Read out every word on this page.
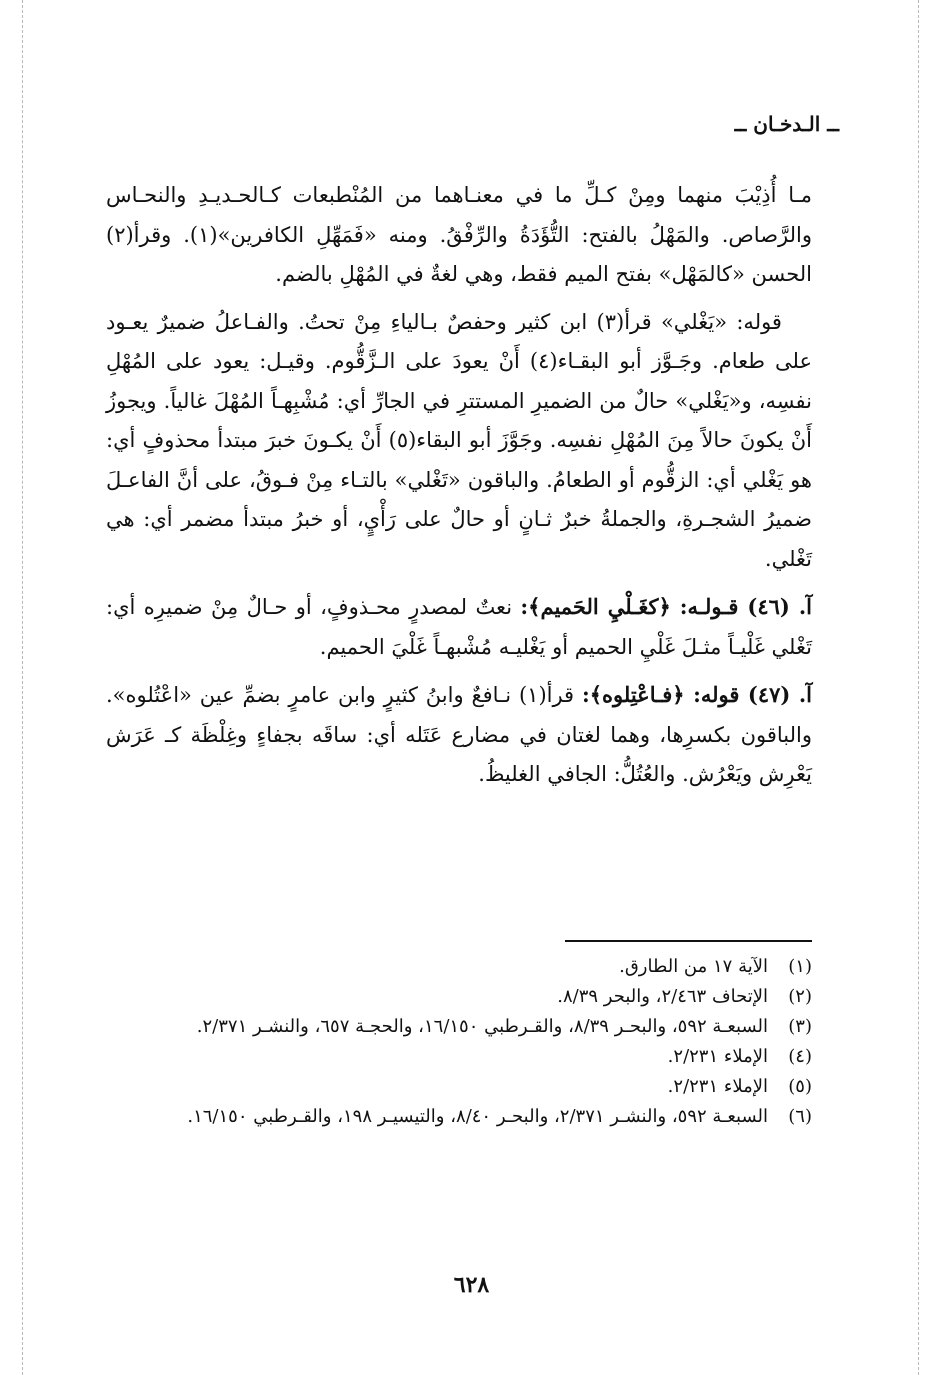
ــ الـدخـان ــ

مـا أُذِيْبَ منهما ومِنْ كـلِّ ما في معنـاهما من المُنْطبعات كـالحـديـدِ والنحـاس والرَّصاص. والمَهْلُ بالفتح: التُّؤَدَةُ والرِّفْقُ. ومنه «فَمَهِّلِ الكافرين»(١). وقرأ(٢) الحسن «كالمَهْل» بفتح الميم فقط، وهي لغةٌ في المُهْلِ بالضم.

قوله: «يَغْلي» قرأ(٣) ابن كثير وحفصٌ بـالياءِ مِنْ تحتُ. والفـاعلُ ضميرٌ يعـود على طعام. وجَـوَّز أبو البقـاء(٤) أَنْ يعودَ على الـزَّقُّوم. وقيـل: يعود على المُهْلِ نفسِه، و«يَغْلي» حالٌ من الضميرِ المستترِ في الجارِّ أي: مُشْبِهـاً المُهْلَ غالياً. ويجوزُ أَنْ يكونَ حالاً مِنَ المُهْلِ نفسِه. وجَوَّزَ أبو البقاء(٥) أَنْ يكـونَ خبرَ مبتدأ محذوفٍ أي: هو يَغْلي أي: الزقُّوم أو الطعامُ. والباقون «تَغْلي» بالتـاء مِنْ فـوقُ، على أنَّ الفاعـلَ ضميرُ الشجـرةِ، والجملةُ خبرٌ ثـانٍ أو حالٌ على رَأْيٍ، أو خبرُ مبتدأ مضمر أي: هي تَغْلي.

آ. (٤٦) قـولـه: ﴿كغَـلْيِ الحَميم﴾: نعتٌ لمصدرٍ محـذوفٍ، أو حـالٌ مِنْ ضميرِه أي: تَغْلي غَلْيـاً مثـلَ غَلْيِ الحميم أو يَغْليـه مُشْبهـاً غَلْيَ الحميم.

آ. (٤٧) قوله: ﴿فـاعْتِلوه﴾: قرأ(١) نـافعٌ وابنُ كثيرٍ وابن عامرٍ بضمِّ عين «اعْتُلوه». والباقون بكسرِها، وهما لغتان في مضارع عَتَله أي: ساقَه بجفاءٍ وغِلْظَة كـ عَرَش يَعْرِش ويَعْرُش. والعُتُلُّ: الجافي الغليظُ.

(١)
الآية ١٧ من الطارق.
(٢)
الإتحاف ٢/٤٦٣، والبحر ٨/٣٩.
(٣)
السبعـة ٥٩٢، والبحـر ٨/٣٩، والقـرطبي ١٦/١٥٠، والحجـة ٦٥٧، والنشـر ٢/٣٧١.
(٤)
الإملاء ٢/٢٣١.
(٥)
الإملاء ٢/٢٣١.
(٦)
السبعـة ٥٩٢، والنشـر ٢/٣٧١، والبحـر ٨/٤٠، والتيسيـر ١٩٨، والقـرطبي ١٦/١٥٠.
٦٢٨
